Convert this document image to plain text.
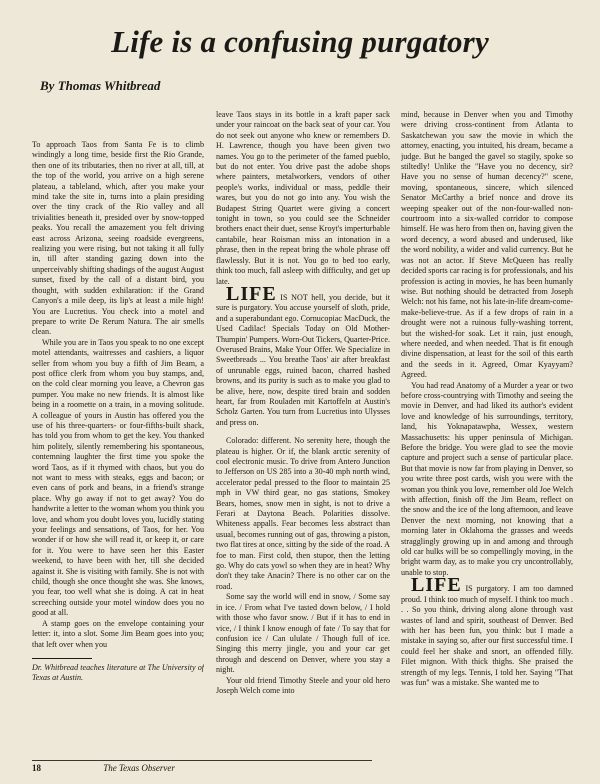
Life is a confusing purgatory
By Thomas Whitbread

To approach Taos from Santa Fe is to climb windingly a long time, beside first the Rio Grande, then one of its tributaries, then no river at all, till, at the top of the world, you arrive on a high serene plateau, a tableland, which, after you make your mind take the site in, turns into a plain presiding over the tiny crack of the Rio valley and all trivialities beneath it, presided over by snow-topped peaks. You recall the amazement you felt driving east across Arizona, seeing roadside evergreens, realizing you were rising, but not taking it all fully in, till after standing gazing down into the unperceivably shifting shadings of the august August sunset, fixed by the call of a distant bird, you thought, with sudden exhilaration: if the Grand Canyon's a mile deep, its lip's at least a mile high! You are Lucretius. You check into a motel and prepare to write De Rerum Natura. The air smells clean.

While you are in Taos you speak to no one except motel attendants, waitresses and cashiers, a liquor seller from whom you buy a fifth of Jim Beam, a post office clerk from whom you buy stamps, and, on the cold clear morning you leave, a Chevron gas pumper. You make no new friends. It is almost like being in a roomette on a train, in a moving solitude. A colleague of yours in Austin has offered you the use of his three-quarters- or four-fifths-built shack, has told you from whom to get the key. You thanked him politely, silently remembering his spontaneous, contemning laughter the first time you spoke the word Taos, as if it rhymed with chaos, but you do not want to mess with steaks, eggs and bacon; or even cans of pork and beans, in a friend's strange place. Why go away if not to get away? You do handwrite a letter to the woman whom you think you love, and whom you doubt loves you, lucidly stating your feelings and sensations, of Taos, for her. You wonder if or how she will read it, or keep it, or care for it. You were to have seen her this Easter weekend, to have been with her, till she decided against it. She is visiting with family. She is not with child, though she once thought she was. She knows, you fear, too well what she is doing. A cat in heat screeching outside your motel window does you no good at all.

A stamp goes on the envelope containing your letter: it, into a slot. Some Jim Beam goes into you; that left over when you

Dr. Whitbread teaches literature at The University of Texas at Austin.

leave Taos stays in its bottle in a kraft paper sack under your raincoat on the back seat of your car. You do not seek out anyone who knew or remembers D. H. Lawrence, though you have been given two names. You go to the perimeter of the famed pueblo, but do not enter. You drive past the adobe shops where painters, metalworkers, vendors of other people's works, individual or mass, peddle their wares, but you do not go into any. You wish the Budapest String Quartet were giving a concert tonight in town, so you could see the Schneider brothers enact their duet, sense Kroyt's imperturbable cantabile, hear Roisman miss an intonation in a phrase, then in the repeat bring the whole phrase off flawlessly. But it is not. You go to bed too early, think too much, fall asleep with difficulty, and get up late.

LIFE IS NOT hell, you decide, but it sure is purgatory. You accuse yourself of sloth, pride, and a superabundant ego. Cornucopiac MacDuck, the Used Cadilac! Specials Today on Old Mother-Thumpin' Pumpers. Worn-Out Tickers, Quarter-Price. Overused Brains, Make Your Offer. We Specialize in Sweetbreads ... You breathe Taos' air after breakfast of unrunable eggs, ruined bacon, charred hashed browns, and its purity is such as to make you glad to be alive, here, now, despite tired brain and sodden heart, far from Rouladen mit Kartoffeln at Austin's Scholz Garten. You turn from Lucretius into Ulysses and press on.

Colorado: different. No serenity here, though the plateau is higher. Or if, the blank arctic serenity of cool electronic music. To drive from Antero Junction to Jefferson on US 285 into a 30-40 mph north wind, accelerator pedal pressed to the floor to maintain 25 mph in VW third gear, no gas stations, Smokey Bears, homes, snow men in sight, is not to drive a Ferari at Daytona Beach. Polarities dissolve. Whiteness appalls. Fear becomes less abstract than usual, becomes running out of gas, throwing a piston, two flat tires at once, sitting by the side of the road. A foe to man. First cold, then stupor, then the letting go. Why do cats yowl so when they are in heat? Why don't they take Anacin? There is no other car on the road.

Some say the world will end in snow, / Some say in ice. / From what I've tasted down below, / I hold with those who favor snow. / But if it has to end in vice, / I think I know enough of fate / To say that for confusion ice / Can ululate / Though full of ice. Singing this merry jingle, you and your car get through and descend on Denver, where you stay a night.

Your old friend Timothy Steele and your old hero Joseph Welch come into

mind, because in Denver when you and Timothy were driving cross-continent from Atlanta to Saskatchewan you saw the movie in which the attorney, enacting, you intuited, his dream, became a judge. But he banged the gavel so stagily, spoke so stiltedly! Unlike the "Have you no decency, sir? Have you no sense of human decency?" scene, moving, spontaneous, sincere, which silenced Senator McCarthy a brief nonce and drove its weeping speaker out of the non-four-walled non-courtroom into a six-walled corridor to compose himself. He was hero from then on, having given the word decency, a word abused and underused, like the word nobility, a wider and valid currency. But he was not an actor. If Steve McQueen has really decided sports car racing is for professionals, and his profession is acting in movies, he has been humanly wise. But nothing should be detracted from Joseph Welch: not his fame, not his late-in-life dream-come-make-believe-true. As if a few drops of rain in a drought were not a ruinous fully-washing torrent, but the wished-for soak. Let it rain, just enough, where needed, and when needed. That is fit enough divine dispensation, at least for the soil of this earth and the seeds in it. Agreed, Omar Kyayyam? Agreed.

You had read Anatomy of a Murder a year or two before cross-countrying with Timothy and seeing the movie in Denver, and had liked its author's evident love and knowledge of his surroundings, territory, land, his Yoknapatawpha, Wessex, western Massachusetts: his upper peninsula of Michigan. Before the bridge. You were glad to see the movie capture and project such a sense of particular place. But that movie is now far from playing in Denver, so you write three post cards, wish you were with the woman you think you love, remember old Joe Welch with affection, finish off the Jim Beam, reflect on the snow and the ice of the long afternoon, and leave Denver the next morning, not knowing that a morning later in Oklahoma the grasses and weeds stragglingly growing up in and among and through old car hulks will be so compellingly moving, in the bright warm day, as to make you cry uncontrollably, unable to stop.

LIFE IS purgatory. I am too damned proud. I think too much of myself. I think too much . . . So you think, driving along alone through vast wastes of land and spirit, southeast of Denver. Bed with her has been fun, you think: but I made a mistake in saying so, after our first successful time. I could feel her shake and snort, an offended filly. Filet mignon. With thick thighs. She praised the strength of my legs. Tennis, I told her. Saying "That was fun" was a mistake. She wanted me to

18	The Texas Observer
